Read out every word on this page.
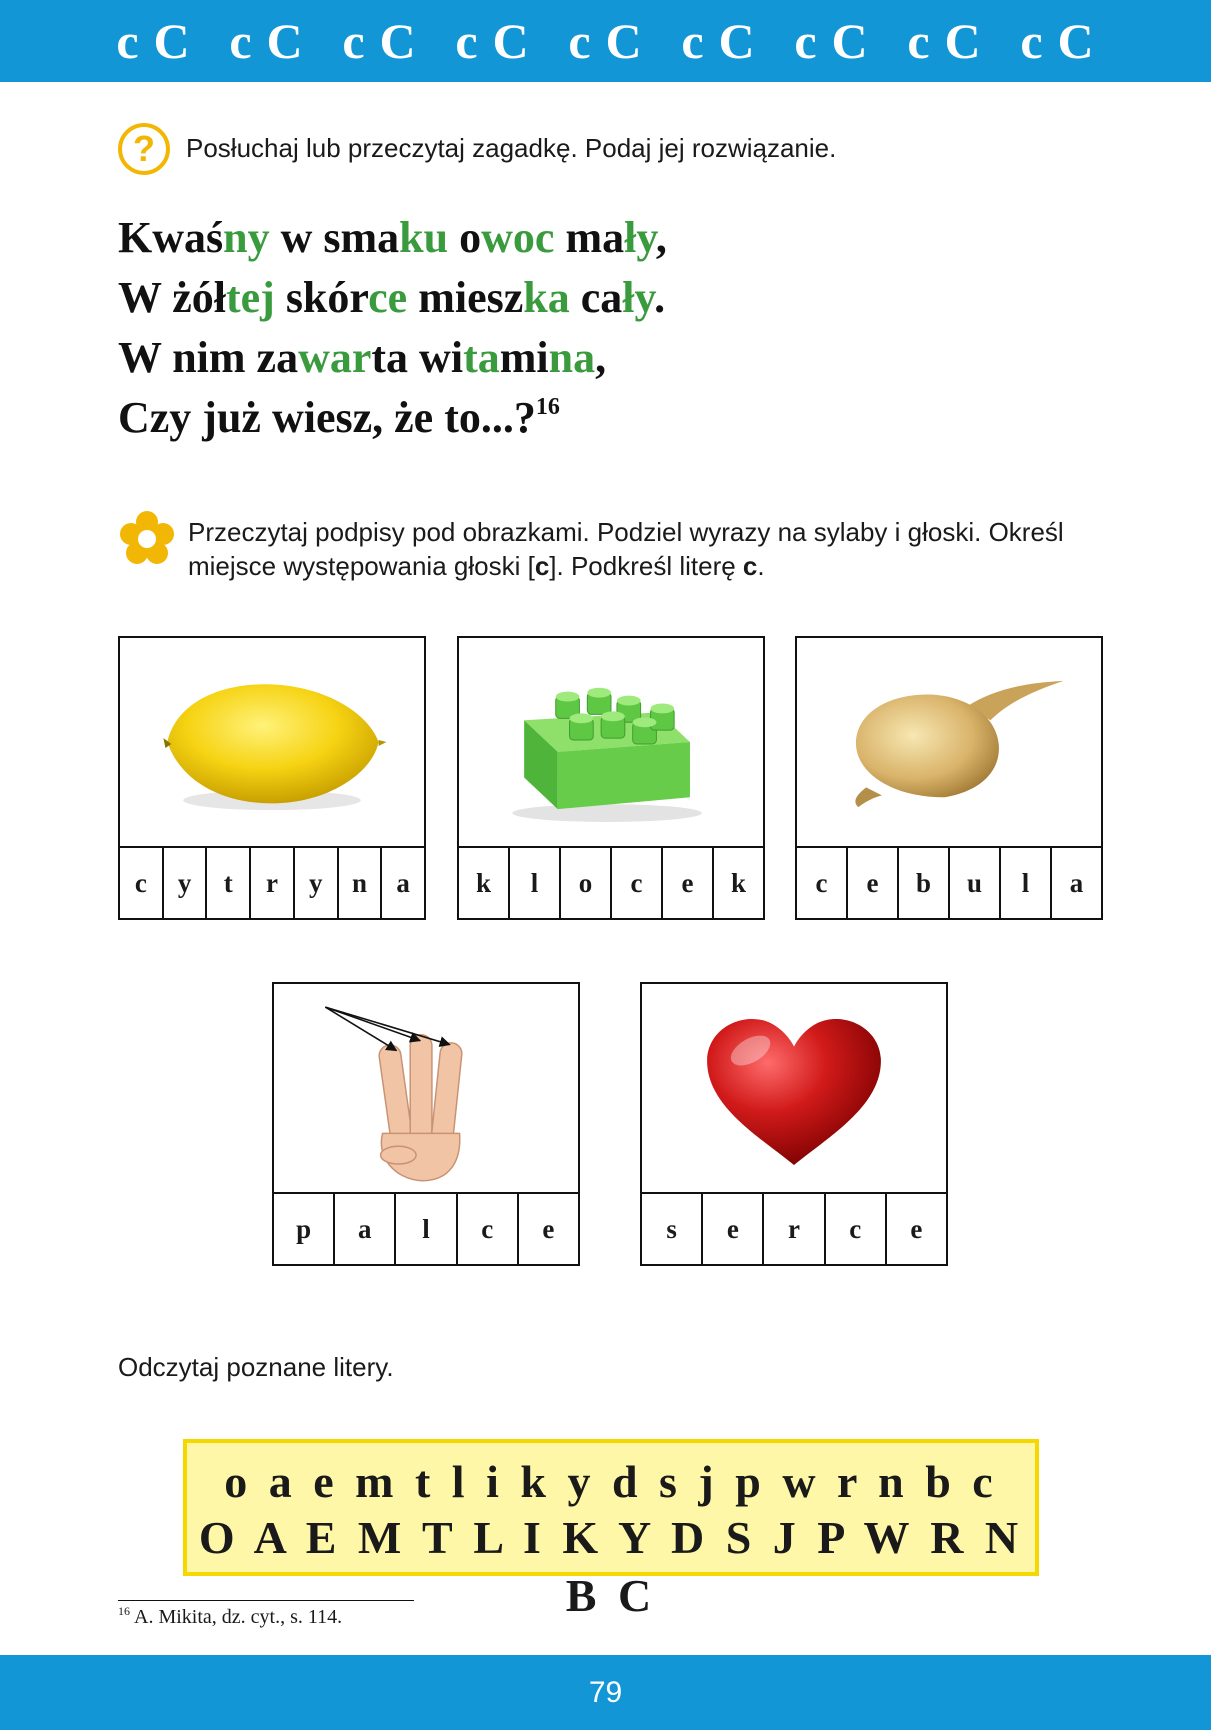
c C c C c C c C c C c C c C c C c C
?	Posłuchaj lub przeczytaj zagadkę. Podaj jej rozwiązanie.
Kwaśny w smaku owoc mały,
W żółtej skórce mieszka cały.
W nim zawarta witamina,
Czy już wiesz, że to...?$^{16}$
Przeczytaj podpisy pod obrazkami. Podziel wyrazy na sylaby i głoski. Określ
miejsce występowania głoski [c]. Podkreśl literę c.
c	y	t	r	y	n	a	k	l	o	c	e	k	c	e	b	u	l	a
p	a	l	c	e	s	e	r	c	e
Odczytaj poznane litery.
o a e m t l i k y d s j p w r n b c
O A E M T L I K Y D S J P W R N B C
$^{16}$ A. Mikita, dz. cyt., s. 114.
79
